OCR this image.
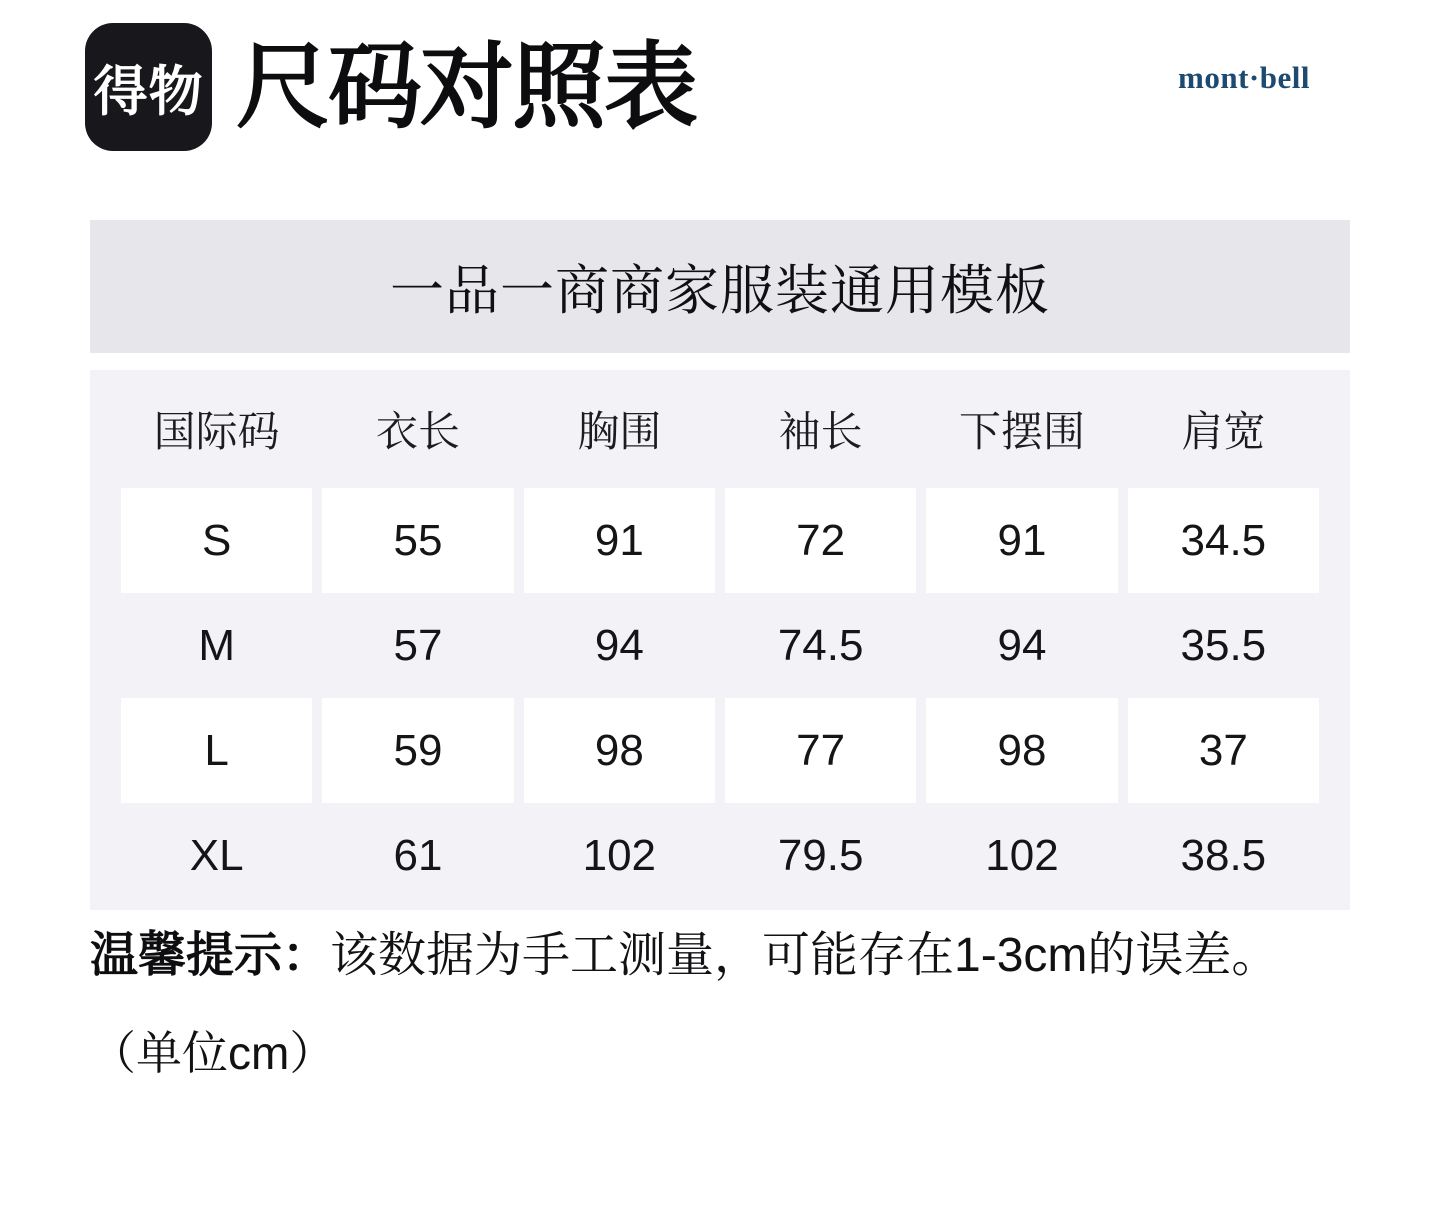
得物 尺码对照表	mont·bell
一品一商商家服装通用模板
国际码	衣长	胸围	袖长	下摆围	肩宽
S	55	91	72	91	34.5
M	57	94	74.5	94	35.5
L	59	98	77	98	37
XL	61	102	79.5	102	38.5
温馨提示：该数据为手工测量，可能存在1-3cm的误差。
（单位cm）
